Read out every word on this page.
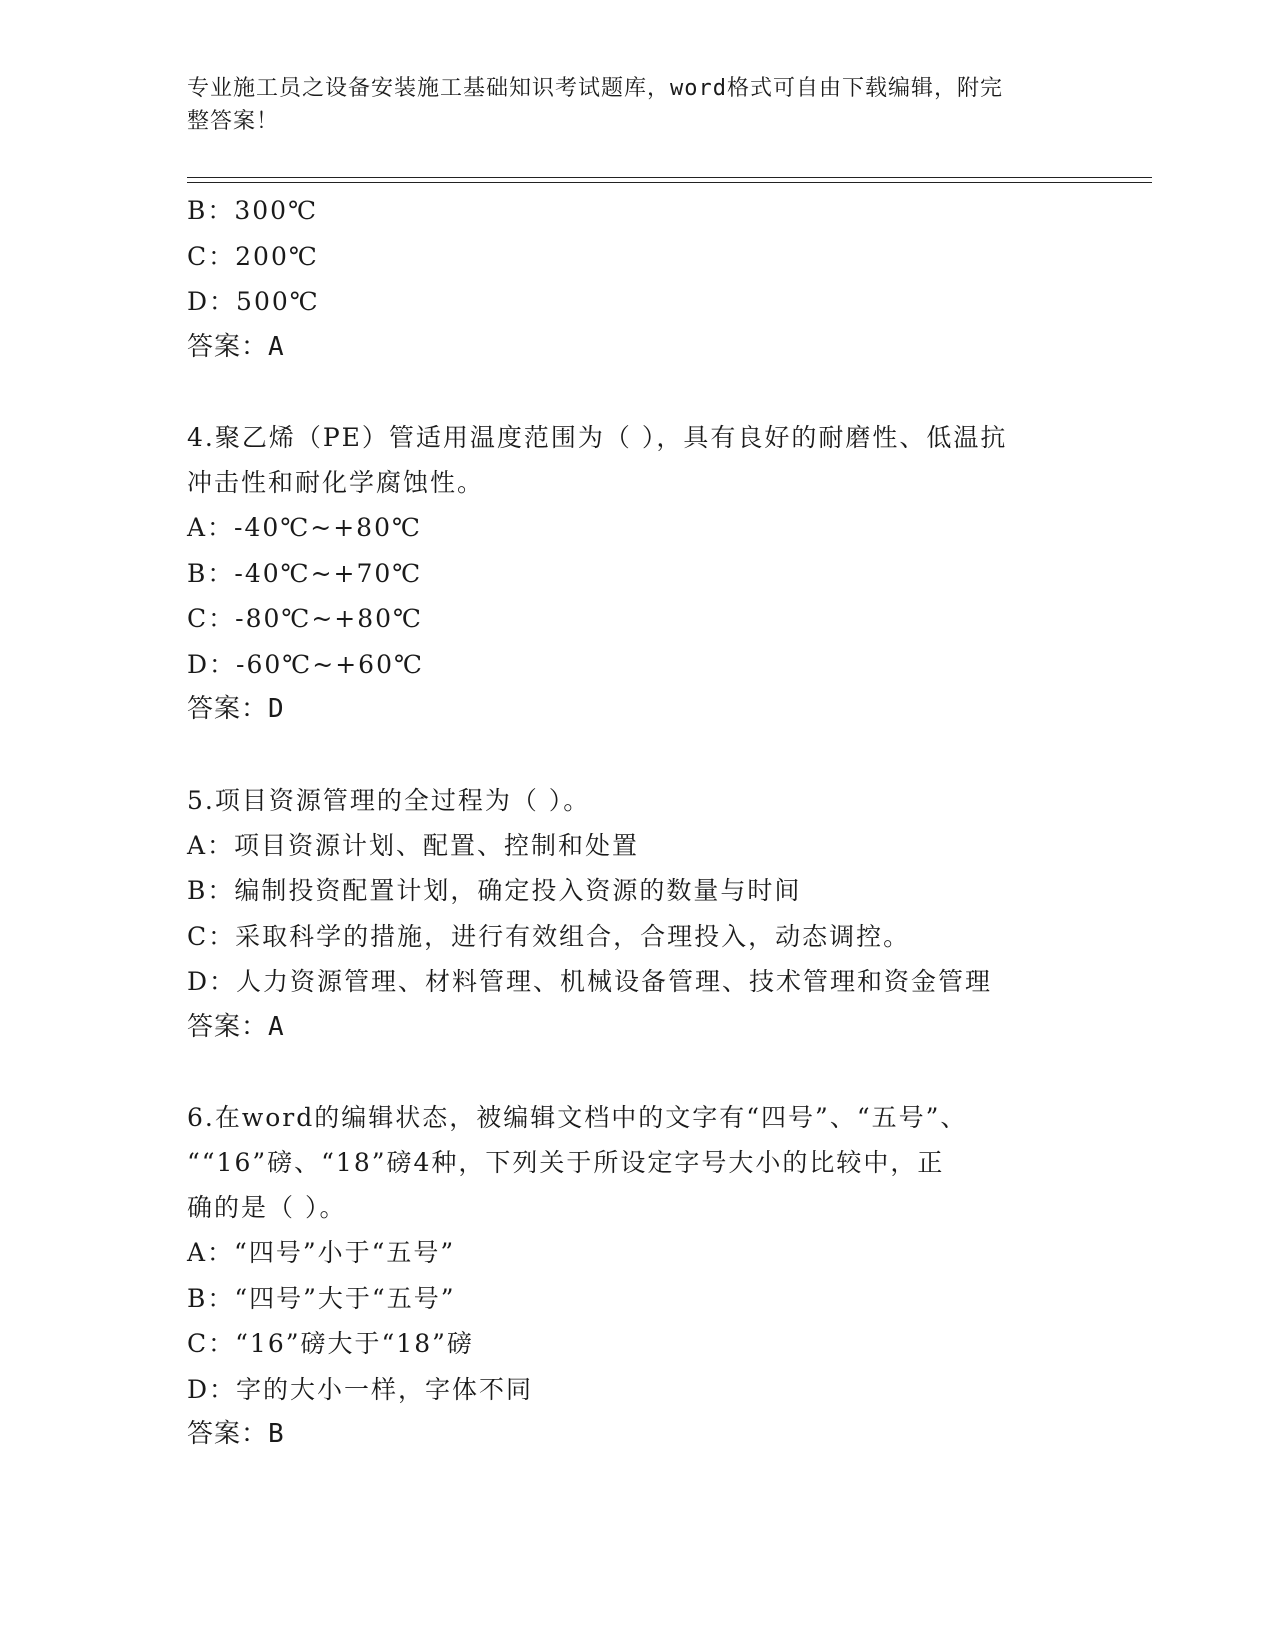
专业施工员之设备安装施工基础知识考试题库，word格式可自由下载编辑，附完
整答案！
B：300℃
C：200℃
D：500℃
答案：A
4.聚乙烯（PE）管适用温度范围为（ ），具有良好的耐磨性、低温抗
冲击性和耐化学腐蚀性。
A：-40℃~+80℃
B：-40℃~+70℃
C：-80℃~+80℃
D：-60℃~+60℃
答案：D
5.项目资源管理的全过程为（ ）。
A：项目资源计划、配置、控制和处置
B：编制投资配置计划，确定投入资源的数量与时间
C：采取科学的措施，进行有效组合，合理投入，动态调控。
D：人力资源管理、材料管理、机械设备管理、技术管理和资金管理
答案：A
6.在word的编辑状态，被编辑文档中的文字有“四号”、“五号”、
““16”磅、“18”磅4种，下列关于所设定字号大小的比较中，正
确的是（ ）。
A：“四号”小于“五号”
B：“四号”大于“五号”
C：“16”磅大于“18”磅
D：字的大小一样，字体不同
答案：B
